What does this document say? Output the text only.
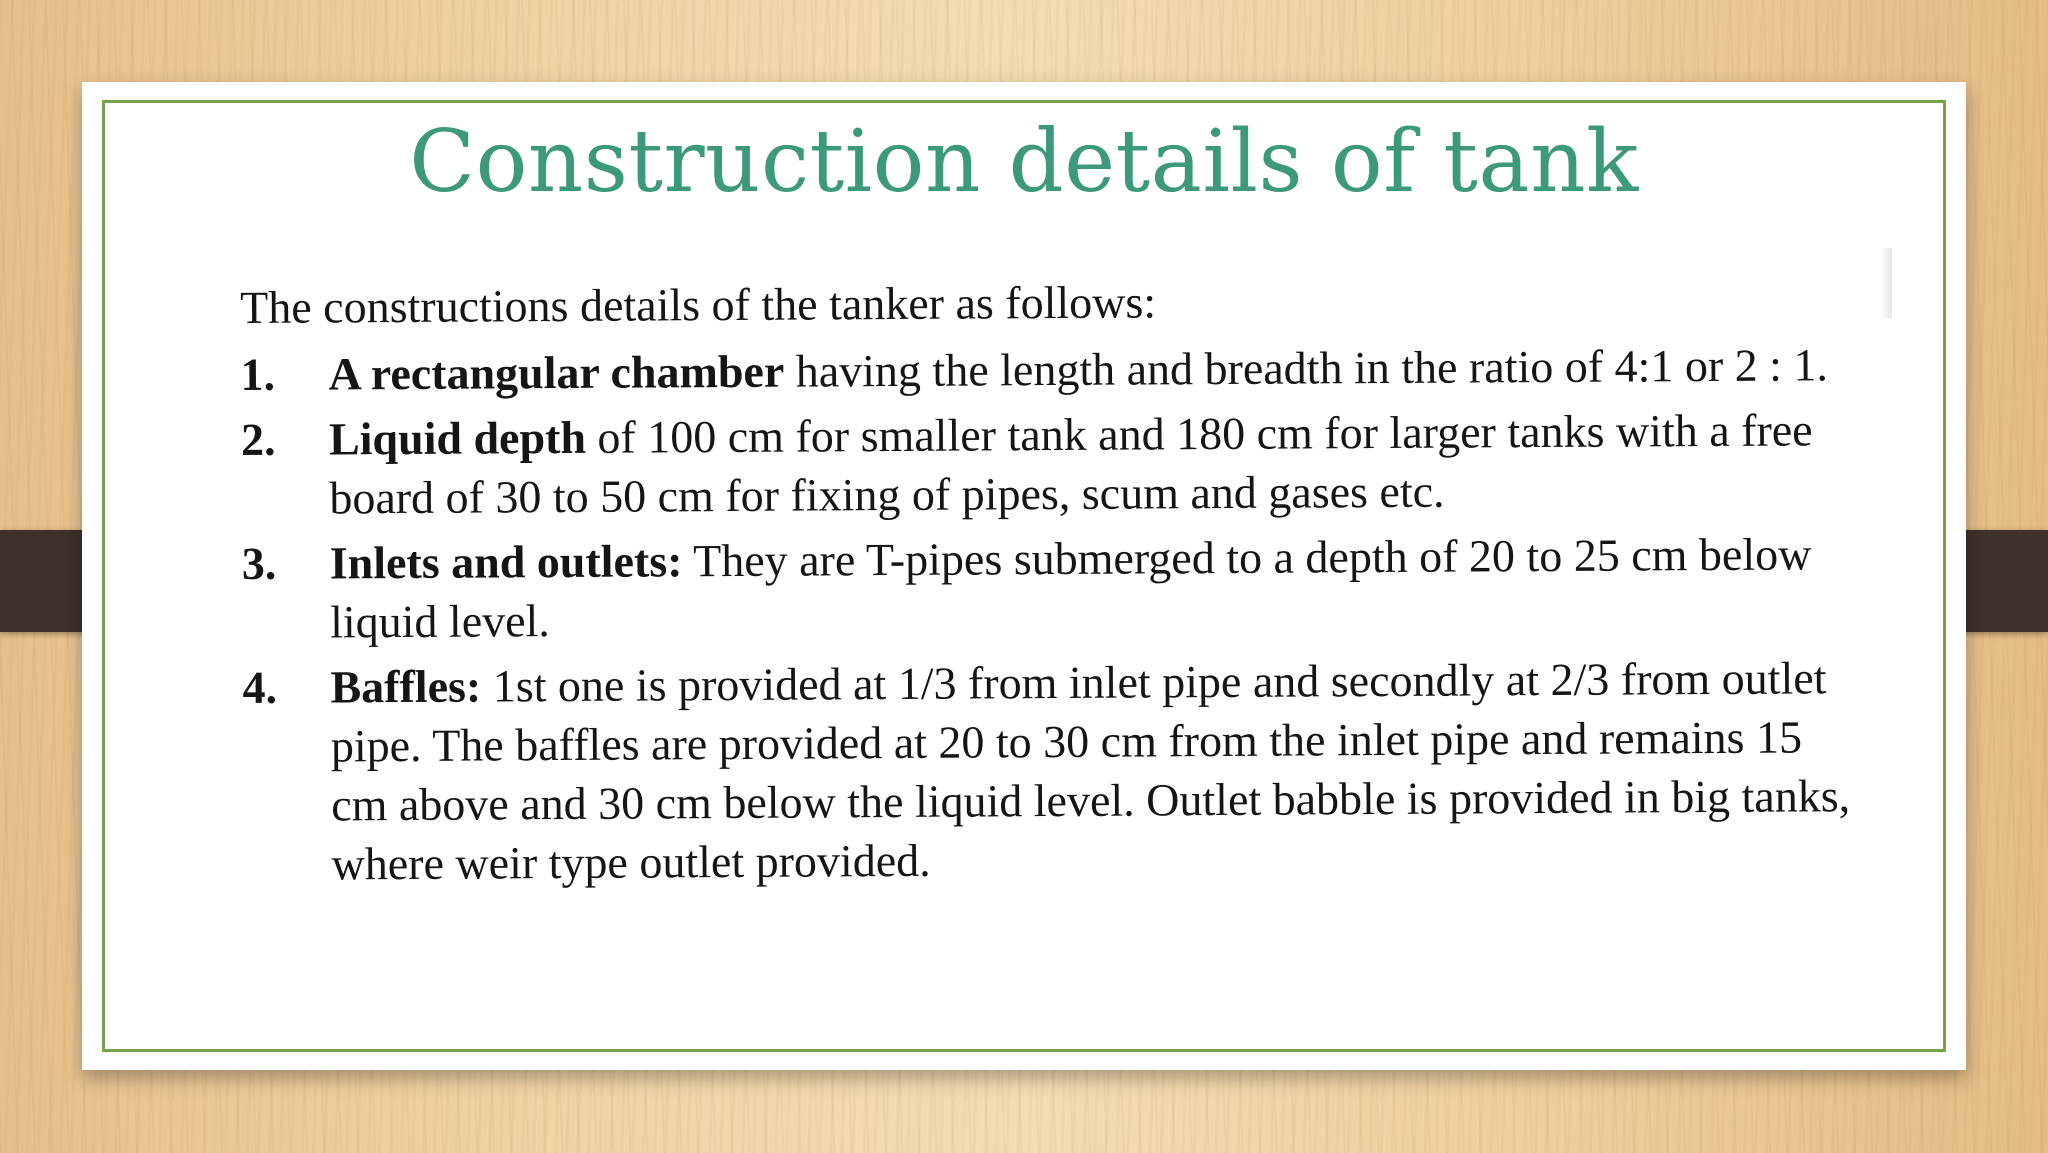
Construction details of tank
The constructions details of the tanker as follows:
1.	A rectangular chamber having the length and breadth in the ratio of 4:1 or 2 : 1.
2.	Liquid depth of 100 cm for smaller tank and 180 cm for larger tanks with a free board of 30 to 50 cm for fixing of pipes, scum and gases etc.
3.	Inlets and outlets: They are T-pipes submerged to a depth of 20 to 25 cm below liquid level.
4.	Baffles: 1st one is provided at 1/3 from inlet pipe and secondly at 2/3 from outlet pipe. The baffles are provided at 20 to 30 cm from the inlet pipe and remains 15 cm above and 30 cm below the liquid level. Outlet babble is provided in big tanks, where weir type outlet provided.
